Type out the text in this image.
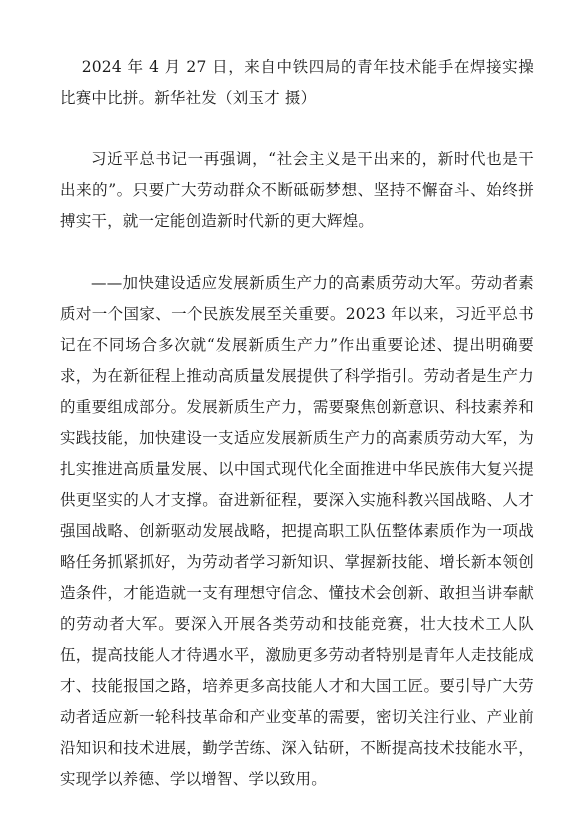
2024 年 4 月 27 日，来自中铁四局的青年技术能手在焊接实操比赛中比拼。新华社发（刘玉才 摄）

习近平总书记一再强调，“社会主义是干出来的，新时代也是干出来的”。只要广大劳动群众不断砥砺梦想、坚持不懈奋斗、始终拼搏实干，就一定能创造新时代新的更大辉煌。

——加快建设适应发展新质生产力的高素质劳动大军。劳动者素质对一个国家、一个民族发展至关重要。2023 年以来，习近平总书记在不同场合多次就“发展新质生产力”作出重要论述、提出明确要求，为在新征程上推动高质量发展提供了科学指引。劳动者是生产力的重要组成部分。发展新质生产力，需要聚焦创新意识、科技素养和实践技能，加快建设一支适应发展新质生产力的高素质劳动大军，为扎实推进高质量发展、以中国式现代化全面推进中华民族伟大复兴提供更坚实的人才支撑。奋进新征程，要深入实施科教兴国战略、人才强国战略、创新驱动发展战略，把提高职工队伍整体素质作为一项战略任务抓紧抓好，为劳动者学习新知识、掌握新技能、增长新本领创造条件，才能造就一支有理想守信念、懂技术会创新、敢担当讲奉献的劳动者大军。要深入开展各类劳动和技能竞赛，壮大技术工人队伍，提高技能人才待遇水平，激励更多劳动者特别是青年人走技能成才、技能报国之路，培养更多高技能人才和大国工匠。要引导广大劳动者适应新一轮科技革命和产业变革的需要，密切关注行业、产业前沿知识和技术进展，勤学苦练、深入钻研，不断提高技术技能水平，实现学以养德、学以增智、学以致用。
